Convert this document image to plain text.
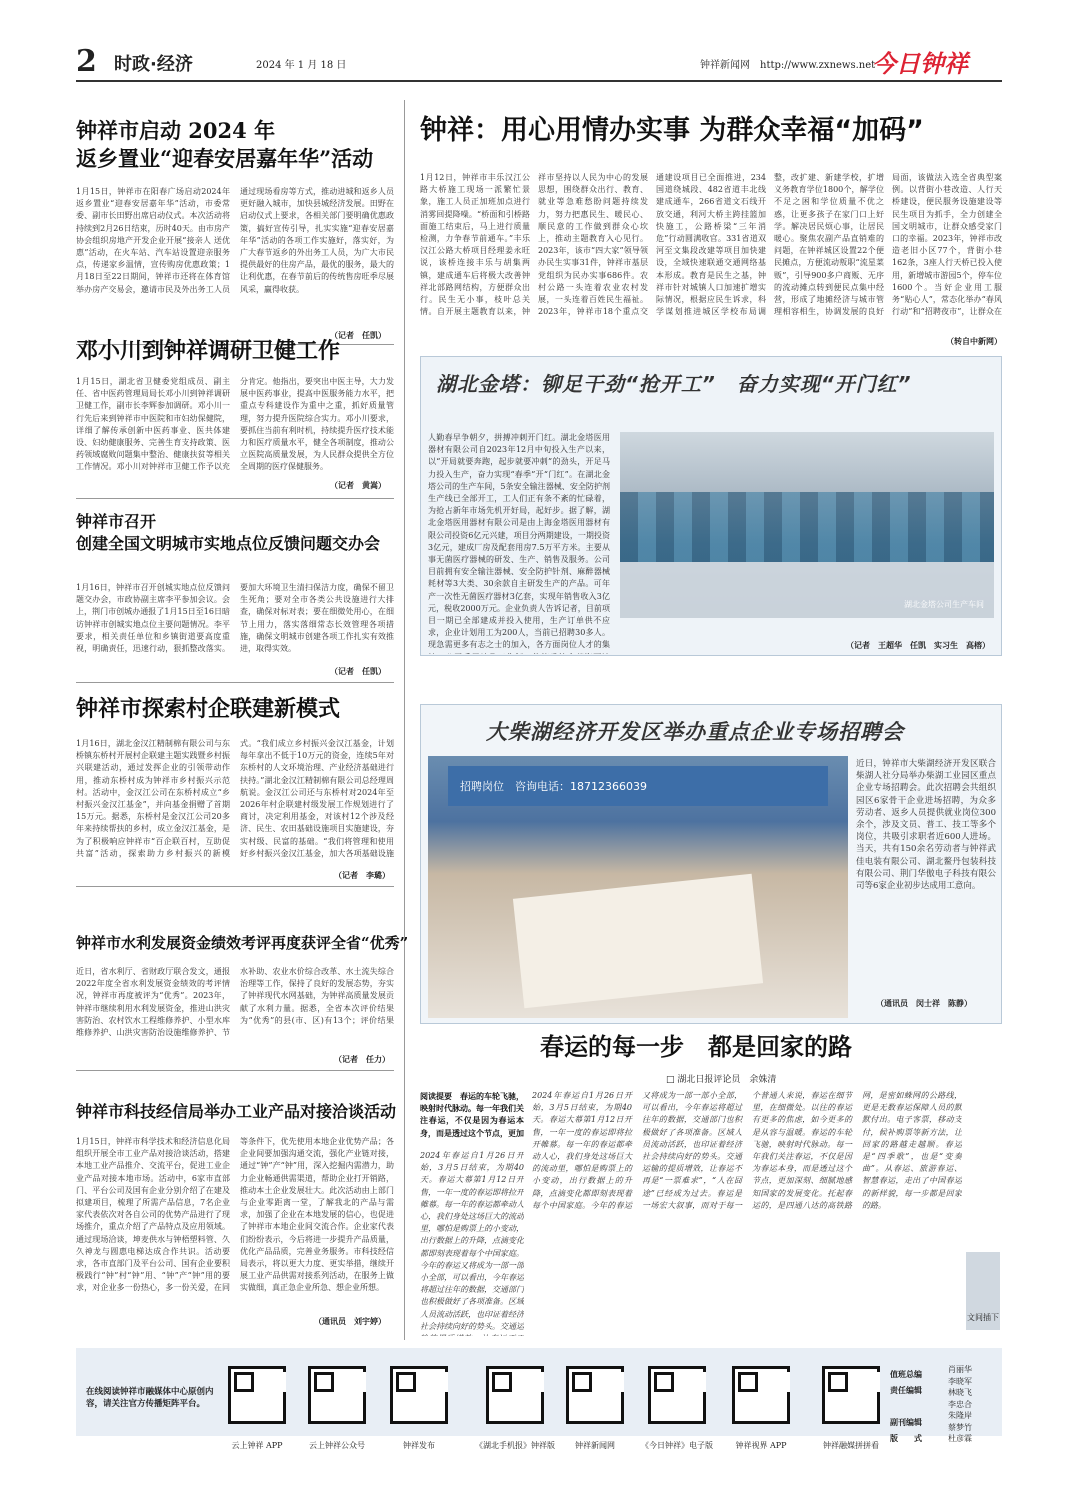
2 时政·经济	2024 年 1 月 18 日	钟祥新闻网　http://www.zxnews.net
今日钟祥
钟祥市启动 2024 年
返乡置业“迎春安居嘉年华”活动
1月15日，钟祥市在阳春广场启动2024年返乡置业“迎春安居嘉年华”活动，市委常委、副市长田野出席启动仪式。本次活动将持续到2月26日结束，历时40天。由市房产协会组织房地产开发企业开展“接亲人 送优惠”活动，在火车站、汽车站设置迎亲服务点，传递家乡温情，宣传购房优惠政策；1月18日至22日期间，钟祥市还将在体育馆举办房产交易会，邀请市民及外出务工人员通过现场看房等方式，推动进城和返乡人员更好融入城市，加快县城经济发展。田野在启动仪式上要求，各相关部门要明确优惠政策，搞好宣传引导，扎实实施“迎春安居嘉年华”活动的各项工作实施好，落实好，为广大春节返乡的外出务工人员，为广大市民提供最好的住房产品，最优的服务，最大的让利优惠，在春节前后的传统售房旺季尽展风采，赢得收获。
（记者　任凯）
邓小川到钟祥调研卫健工作
1月15日，湖北省卫健委党组成员、副主任、省中医药管理局局长邓小川到钟祥调研卫健工作，副市长李辉参加调研。邓小川一行先后来到钟祥市中医院和市妇幼保健院，详细了解传承创新中医药事业、医共体建设、妇幼健康服务、完善生育支持政策、医药领域腐败问题集中整治、健康扶贫等相关工作情况。邓小川对钟祥市卫健工作予以充分肯定。他指出，要突出中医主导，大力发展中医药事业，提高中医服务能力水平，把重点专科建设作为重中之重，抓好质量管理，努力提升医院综合实力。邓小川要求，要抓住当前有利时机，持续提升医疗技术能力和医疗质量水平，健全各项制度，推动公立医院高质量发展，为人民群众提供全方位全周期的医疗保健服务。
（记者　黄嵩）
钟祥市召开
创建全国文明城市实地点位反馈问题交办会
1月16日，钟祥市召开创城实地点位反馈问题交办会，市政协副主席李平参加会议。会上，荆门市创城办通报了1月15日至16日暗访钟祥市创城实地点位主要问题情况。李平要求，相关责任单位和乡镇街道要高度重视，明确责任，迅速行动，狠抓整改落实。要加大环境卫生清扫保洁力度，确保不留卫生死角；要对全市各类公共设施进行大排查，确保对标对表；要在细微处用心，在细节上用力，落实落细常态长效管理各项措施，确保文明城市创建各项工作扎实有效推进，取得实效。
（记者　任凯）
钟祥市探索村企联建新模式
1月16日，湖北金汉江精制棉有限公司与东桥镇东桥村开展村企联建主题实践暨乡村振兴联建活动，通过发挥企业的引领带动作用，推动东桥村成为钟祥市乡村振兴示范村。活动中，金汉江公司在东桥村成立“乡村振兴金汉江基金”，并向基金捐赠了首期15万元。据悉，东桥村是金汉江公司20多年来持续帮扶的乡村，成立金汉江基金，是为了积极响应钟祥市“百企联百村，互助促共富”活动，探索助力乡村振兴的新模式。“我们成立乡村振兴金汉江基金，计划每年拿出不低于10万元的资金，连续5年对东桥村的人文环境治理、产业经济基础进行扶持。”湖北金汉江精制棉有限公司总经理周航说。金汉江公司还与东桥村对2024年至2026年村企联建村级发展工作规划进行了商讨，决定利用基金，对该村12个涉及经济、民生、农田基础设施项目实施建设，夯实村级、民富的基础。“我们将管理和使用好乡村振兴金汉江基金，加大各项基础设施
（记者　李璐）
钟祥市水利发展资金绩效考评再度获评全省“优秀”
近日，省水利厅、省财政厅联合发文，通报2022年度全省水利发展资金绩效的考评情况，钟祥市再度被评为“优秀”。2023年，钟祥市继续利用水利发展资金，推进山洪灾害防治、农村饮水工程维修养护、小型水库维修养护、山洪灾害防治设施维修养护、节水补助、农业水价综合改革、水土流失综合治理等工作，保持了良好的发展态势，夯实了钟祥现代水网基础，为钟祥高质量发展贡献了水利力量。据悉，全省本次评价结果为“优秀”的县(市、区)有13个；评价结果
（记者　任力）
钟祥市科技经信局举办工业产品对接洽谈活动
1月15日，钟祥市科学技术和经济信息化局组织开展全市工业产品对接洽谈活动，搭建本地工业产品推介、交流平台，促进工业企业产品对接本地市场。活动中，6家市直部门、平台公司及国有企业分别介绍了在建及拟建项目，梳理了所需产品信息，7名企业家代表依次对各自公司的优势产品进行了现场推介，重点介绍了产品特点及应用领域。通过现场洽谈，坤麦供水与钟梧塑料管、久久神龙与圆惠电梯达成合作共识。活动要求，各市直部门及平台公司、国有企业要积极践行“钟”村“钟”用、“钟”产“钟”用的要求，对企业多一份热心，多一份关爱，在同等条件下，优先使用本地企业优势产品；各企业间要加强沟通交流，强化产业链对接，通过“钟”产“钟”用，深入挖掘内需潜力，助力企业畅通供需渠道，帮助企业打开销路，推动本土企业发展壮大。此次活动由上部门与企业零距离一堂，了解我北的产品与需求，加强了企业在本地发展的信心，也促进了钟祥市本地企业间交流合作。企业家代表们纷纷表示，今后将进一步提升产品质量，优化产品品质，完善业务服务。市科技经信局表示，将以更大力度、更实举措，继续开展工业产品供需对接系列活动，在服务上做实做细，真正急企业所急、想企业所想。
（通讯员　刘宇婷）
钟祥：用心用情办实事 为群众幸福“加码”
1月12日，钟祥市丰乐汉江公路大桥施工现场一派繁忙景象，施工人员正加班加点进行消雾回提降噪。“桥面和引桥路面施工结束后，马上进行质量检测，力争春节前通车。”丰乐汉江公路大桥项目经理姜永旺说，该桥连接丰乐与胡集两镇，建成通车后将极大改善钟祥北部路网结构，方便群众出行。民生无小事，枝叶总关情。自开展主题教育以来，钟祥市坚持以人民为中心的发展思想，围绕群众出行、教育、就业等急难愁盼问题持续发力，努力把惠民生、暖民心、顺民意的工作做到群众心坎上，推动主题教育入心见行。2023年，该市“四大家”领导领办民生实事31件，钟祥市基层党组织为民办实事686件。农村公路一头连着农业农村发展，一头连着百姓民生福祉。2023年，钟祥市18个重点交通建设项目已全面推进，234国道绕城段、482省道丰北线建成通车，266省道文石线开放交通，利河大桥主跨挂篮加快施工，公路桥梁“三年消危”行动圆满收官。331省道双河至文集段改建等项目加快建设，全域快速联通交通网络基本形成。教育是民生之基，钟祥市针对城镇人口加速扩增实际情况，根据应民生诉求，科学谋划推进城区学校布局调整，改扩建、新建学校，扩增义务教育学位1800个，解学位不足之困和学位质量不优之惑，让更多孩子在家门口上好学。解决居民烦心事，让居民暖心。聚焦农副产品直销难的问题，在钟祥城区设置22个便民摊点，方便流动叛职“流星菜贩”，引导900多户商贩、无序的流动摊点转到便民点集中经营，形成了地摊经济与城市管理相容相生，协调发展的良好局面，该做法入选全省典型案例。以背街小巷改造、人行天桥建设，便民服务设施建设等民生项目为抓手，全力创建全国文明城市，让群众感受家门口的幸福。2023年，钟祥市改造老旧小区77个，背街小巷162条，3座人行天桥已投入使用，新增城市游园5个，停车位1600个。当好企业用工服务“贴心人”，常态化举办“春风行动”和“招聘夜市”，让群众在
（转自中新网）
湖北金塔：铆足干劲“抢开工”　奋力实现“开门红”
人勤春早争朝夕，拼搏冲刺开门红。湖北金塔医用器材有限公司自2023年12月中旬投入生产以来，以“开局就要奔跑，起步就要冲刺”的劲头，开足马力投入生产，奋力实现“春季”开“门红”。在湖北金塔公司的生产车间，5条安全输注器械、安全防护剂生产线已全部开工，工人们正有条不紊的忙碌着，为抢占新年市场先机开好局，起好步。据了解，湖北金塔医用器材有限公司是由上海金塔医用器材有限公司投资6亿元兴建，项目分两期建设，一期投资3亿元，建成厂房及配套用房7.5万平方米。主要从事无菌医疗器械的研发、生产、销售及服务。公司目前拥有安全输注器械、安全防护针剂、麻醉器械耗材等3大类、30余款自主研发生产的产品。可年产一次性无菌医疗器材3亿套，实现年销售收入3亿元，税收2000万元。企业负责人告诉记者，目前项目一期已全部建成并投入使用，生产订单供不应求，企业计划用工为200人，当前已招聘30多人。现急需更多有志之士的加入，各方面岗位人才的集
湖北金塔公司生产车间
（记者　王超华　任凯　实习生　高榕）
大柴湖经济开发区举办重点企业专场招聘会
招聘岗位　咨询电话：18712366039
近日，钟祥市大柴湖经济开发区联合柴湖人社分局举办柴湖工业园区重点企业专场招聘会。此次招聘会共组织园区6家骨干企业进场招聘，为众多劳动者、返乡人员提供就业岗位300余个，涉及文员、普工、技工等多个岗位，共吸引求职者近600人进场。当天，共有150余名劳动者与钟祥武佳电装有限公司、湖北鳌丹包装科技有限公司、荆门华傲电子科技有限公司等6家企业初步达成用工意向。
（通讯员　闵士祥　陈静）
春运的每一步　都是回家的路
□ 湖北日报评论员　余姝清
阅读提要　春运的车轮飞驰，映射时代脉动。每一年我们关注春运，不仅是因为春运本身，而是透过这个节点，更加
2024年春运自1月26日开始，3月5日结束，为期40天。春运大幕第1月12日开售，一年一度的春运即将拉开帷幕。每一年的春运都牵动人心，我们身处这场巨大的流动里，哪怕是购票上的小变动，出行数据上的升降，点滴变化都即刻表现着每个中国家庭。今年的春运又将成为一部一部小全部，可以看出，今年春运将超过往年的数据，交通部门也积极做好了各项准备。区域人员流动活跃，也印证着经济社会持续向好的势头。交通运
2024年春运自1月26日开始，3月5日结束，为期40天。春运大幕第1月12日开售，一年一度的春运即将拉开帷幕。每一年的春运都牵动人心，我们身处这场巨大的流动里，哪怕是购票上的小变动，出行数据上的升降，点滴变化都即刻表现着每个中国家庭。今年的春运又将成为一部一部小全部，可以看出，今年春运将超过往年的数据，交通部门也积极做好了各项准备。区域人员流动活跃，也印证着经济社会持续向好的势头。交通运输的提质增效，让春运不再是“一票难求”，“人在囧途”已经成为过去。春运是一场宏大叙事，而对于每一个普通人来说，春运在细节里，在细微处。以往的春运有更多的焦虑，如今更多的是从容与温暖。春运的车轮飞驰，映射时代脉动。每一年我们关注春运，不仅是因为春运本身，而是透过这个节点，更加深刻、细腻地感知国家的发展变化。托起春运的，是四通八达的高铁路网，是密如蛛网的公路线，更是无数春运保障人员的默默付出。电子客票，移动支付，候补购票等新方法，让回家的路越走越顺。春运是“四季歌”，也是“变奏曲”。从春运、旅游春运、智慧春运，走出了中国春运的新样貌，每一步都是回家的路。
文间插下
在线阅读钟祥市融媒体中心原创内容，请关注官方传播矩阵平台。
云上钟祥 APP	云上钟祥公众号	钟祥发布	《湖北手机报》钟祥版	钟祥新闻网	《今日钟祥》电子版	钟祥视界 APP	钟祥融媒拼拼看
值班总编
责任编辑
副刊编辑
版　　式
肖丽华
李晓军
林晓飞
李忠合
朱隆岸
蔡梦竹
杜彦霖
